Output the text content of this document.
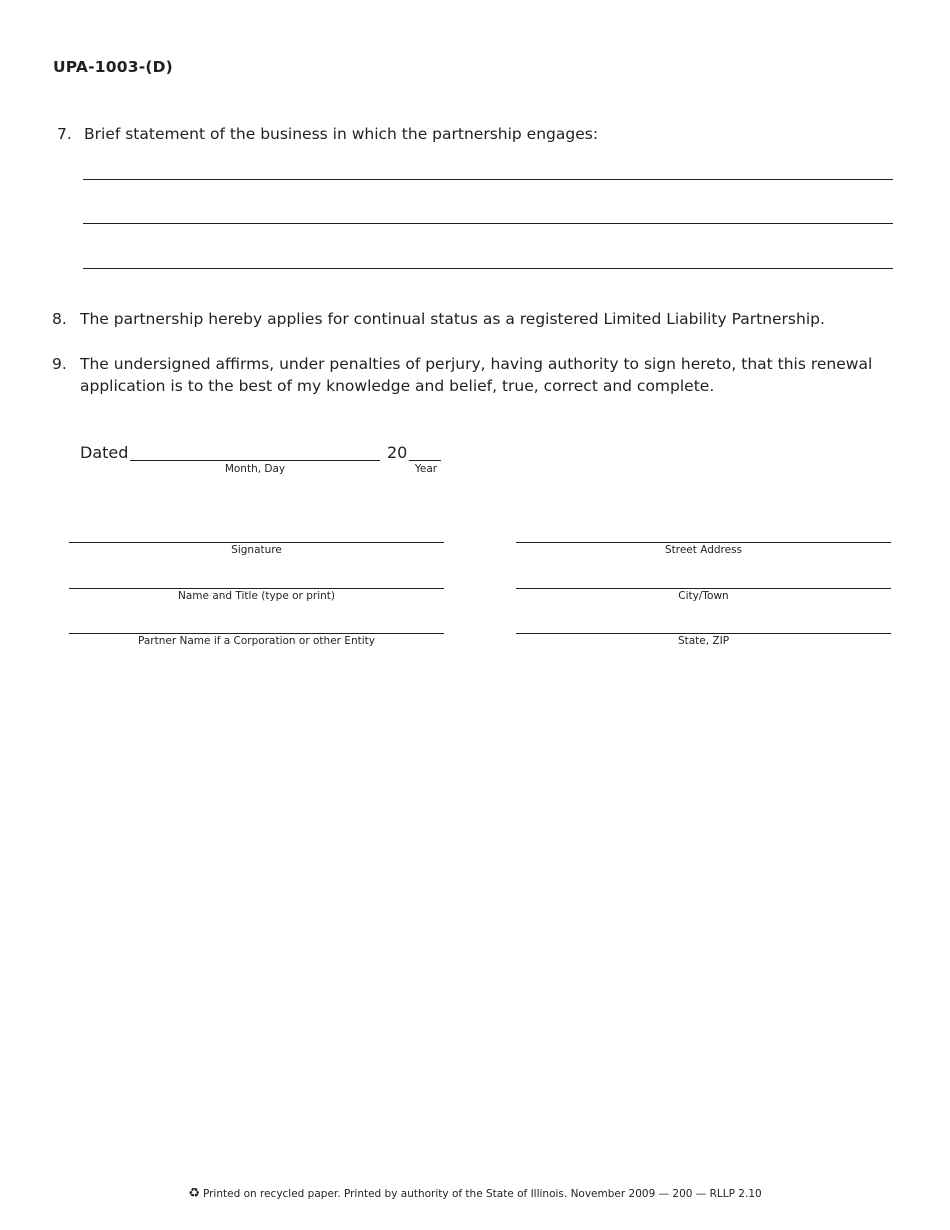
UPA-1003-(D)
7. Brief statement of the business in which the partnership engages:
8. The partnership hereby applies for continual status as a registered Limited Liability Partnership.
9. The undersigned affirms, under penalties of perjury, having authority to sign hereto, that this renewal
application is to the best of my knowledge and belief, true, correct and complete.
Dated
Month, Day
20
Year
Signature
Name and Title (type or print)
Partner Name if a Corporation or other Entity
Street Address
City/Town
State, ZIP
♻ Printed on recycled paper. Printed by authority of the State of Illinois. November 2009 — 200 — RLLP 2.10
